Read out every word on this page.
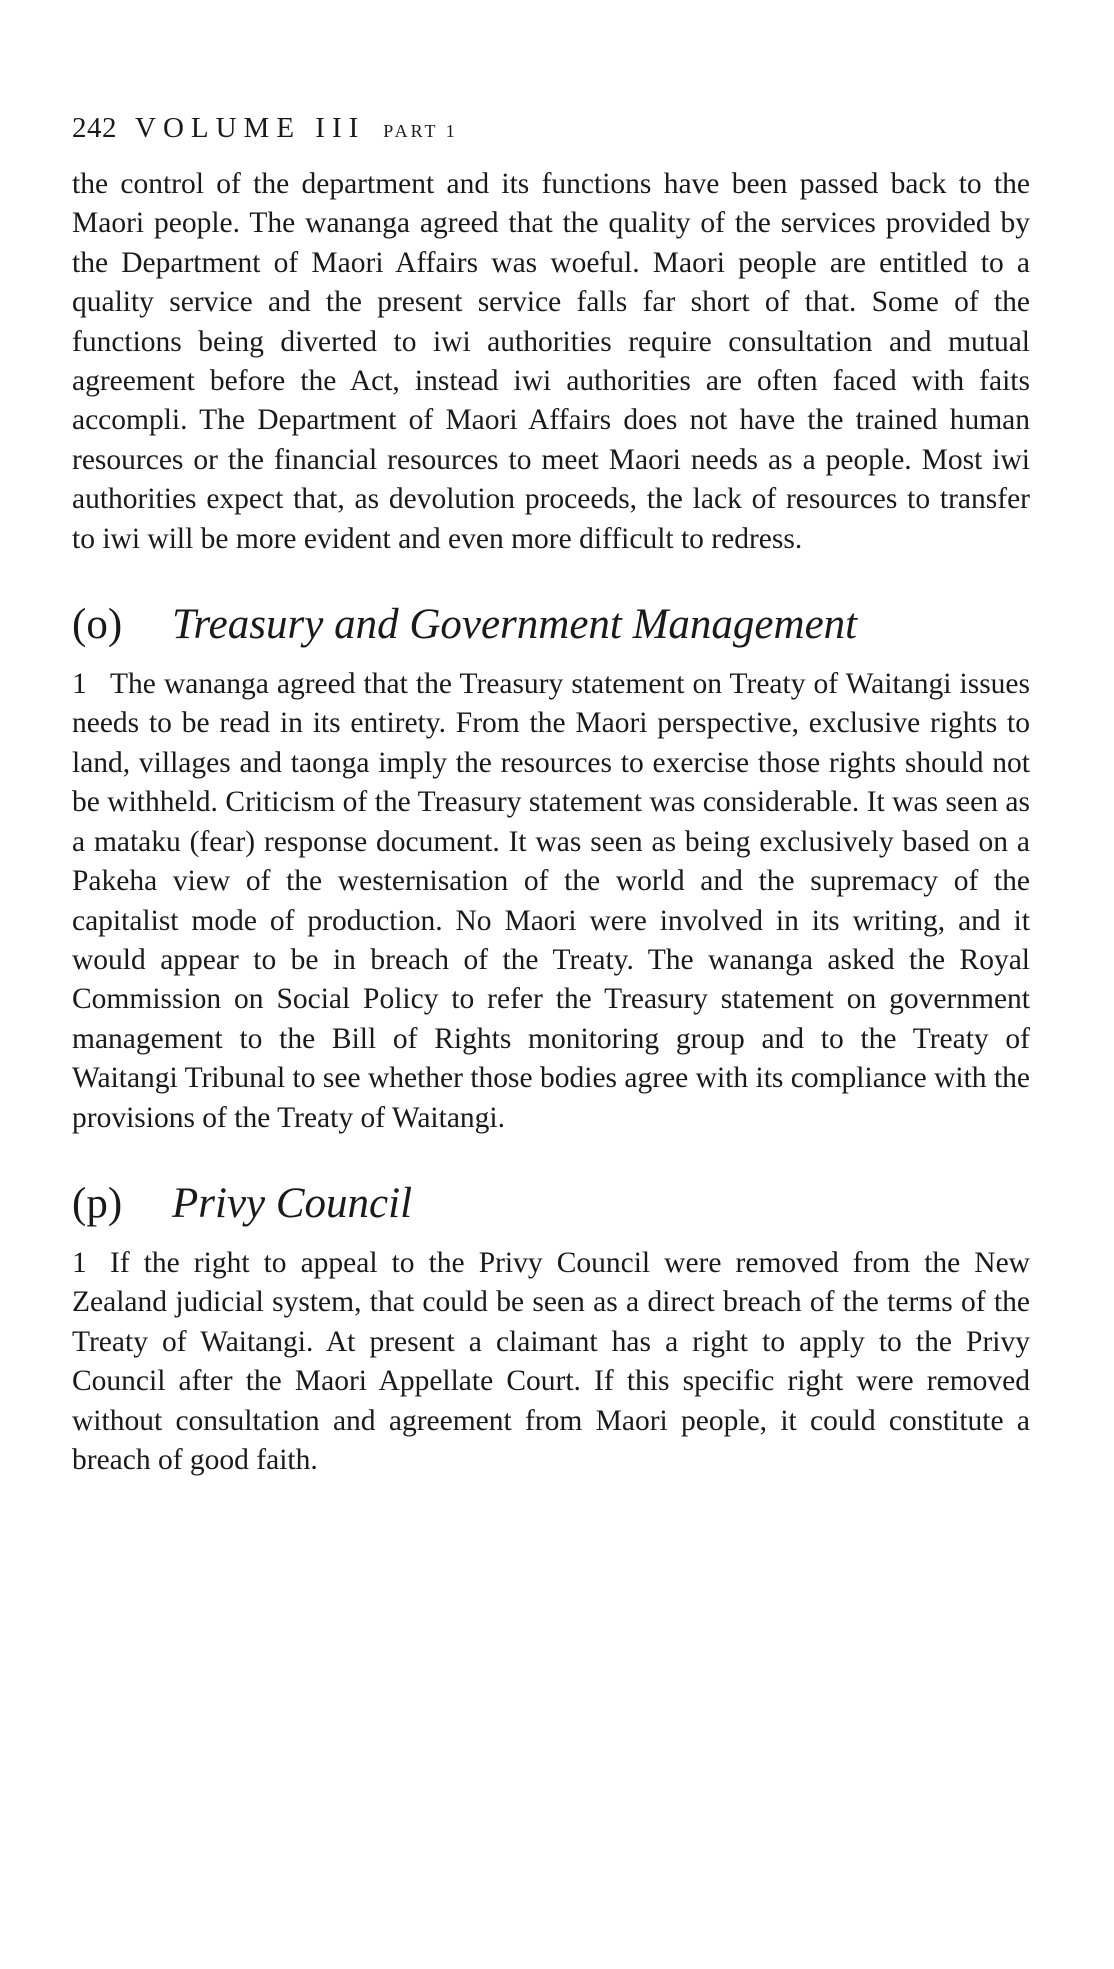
242 VOLUME III PART 1

the control of the department and its functions have been passed back to the Maori people. The wananga agreed that the quality of the services provided by the Department of Maori Affairs was woeful. Maori people are entitled to a quality service and the present service falls far short of that. Some of the functions being diverted to iwi authorities require consultation and mutual agreement before the Act, instead iwi authorities are often faced with faits accompli. The Department of Maori Affairs does not have the trained human resources or the financial resources to meet Maori needs as a people. Most iwi authorities expect that, as devolution proceeds, the lack of resources to transfer to iwi will be more evident and even more difficult to redress.

(o)	Treasury and Government Management

1 The wananga agreed that the Treasury statement on Treaty of Waitangi issues needs to be read in its entirety. From the Maori perspective, exclusive rights to land, villages and taonga imply the resources to exercise those rights should not be withheld. Criticism of the Treasury statement was considerable. It was seen as a mataku (fear) response document. It was seen as being exclusively based on a Pakeha view of the westernisation of the world and the supremacy of the capitalist mode of production. No Maori were involved in its writing, and it would appear to be in breach of the Treaty. The wananga asked the Royal Commission on Social Policy to refer the Treasury statement on government management to the Bill of Rights monitoring group and to the Treaty of Waitangi Tribunal to see whether those bodies agree with its compliance with the provisions of the Treaty of Waitangi.

(p)	Privy Council

1 If the right to appeal to the Privy Council were removed from the New Zealand judicial system, that could be seen as a direct breach of the terms of the Treaty of Waitangi. At present a claimant has a right to apply to the Privy Council after the Maori Appellate Court. If this specific right were removed without consultation and agreement from Maori people, it could constitute a breach of good faith.
